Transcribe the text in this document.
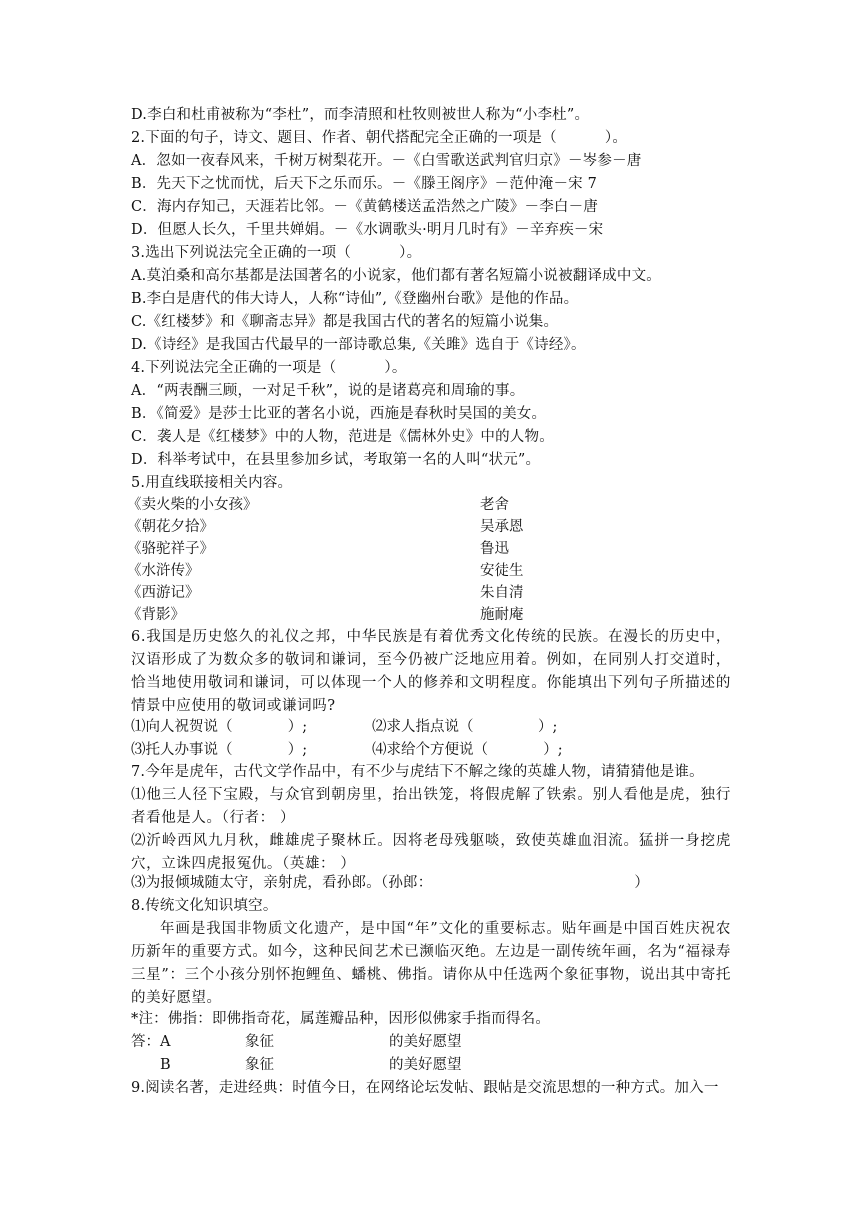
D.李白和杜甫被称为“李杜”，而李清照和杜牧则被世人称为“小李杜”。
2.下面的句子，诗文、题目、作者、朝代搭配完全正确的一项是（          ）。
A．忽如一夜春风来，千树万树梨花开。－《白雪歌送武判官归京》－岑参－唐
B．先天下之忧而忧，后天下之乐而乐。－《滕王阁序》－范仲淹－宋 7
C．海内存知己，天涯若比邻。－《黄鹤楼送孟浩然之广陵》－李白－唐
D．但愿人长久，千里共婵娟。－《水调歌头·明月几时有》－辛弃疾－宋
3.选出下列说法完全正确的一项（          ）。
A.莫泊桑和高尔基都是法国著名的小说家，他们都有著名短篇小说被翻译成中文。
B.李白是唐代的伟大诗人，人称“诗仙”,《登幽州台歌》是他的作品。
C.《红楼梦》和《聊斋志异》都是我国古代的著名的短篇小说集。
D.《诗经》是我国古代最早的一部诗歌总集,《关雎》选自于《诗经》。
4.下列说法完全正确的一项是（          ）。
A．“两表酬三顾，一对足千秋”，说的是诸葛亮和周瑜的事。
B．《简爱》是莎士比亚的著名小说，西施是春秋时吴国的美女。
C．袭人是《红楼梦》中的人物，范进是《儒林外史》中的人物。
D．科举考试中，在县里参加乡试，考取第一名的人叫“状元”。
5.用直线联接相关内容。
《卖火柴的小女孩》	老舍
《朝花夕拾》	吴承恩
《骆驼祥子》	鲁迅
《水浒传》	安徒生
《西游记》	朱自清
《背影》	施耐庵
6.我国是历史悠久的礼仪之邦，中华民族是有着优秀文化传统的民族。在漫长的历史中，汉语形成了为数众多的敬词和谦词，至今仍被广泛地应用着。例如，在同别人打交道时，恰当地使用敬词和谦词，可以体现一个人的修养和文明程度。你能填出下列句子所描述的情景中应使用的敬词或谦词吗?
⑴向人祝贺说（            ）;	⑵求人指点说（              ）;
⑶托人办事说（            ）;	⑷求给个方便说（            ）;
7.今年是虎年，古代文学作品中，有不少与虎结下不解之缘的英雄人物，请猜猜他是谁。
⑴他三人径下宝殿，与众官到朝房里，抬出铁笼，将假虎解了铁索。别人看他是虎，独行者看他是人。（行者： ）
⑵沂岭西风九月秋，雌雄虎子聚林丘。因将老母残躯啖，致使英雄血泪流。猛拼一身挖虎穴，立诛四虎报冤仇。（英雄： ）
⑶为报倾城随太守，亲射虎，看孙郎。（孙郎：                                          ）
8.传统文化知识填空。
年画是我国非物质文化遗产，是中国“年”文化的重要标志。贴年画是中国百姓庆祝农历新年的重要方式。如今，这种民间艺术已濒临灭绝。左边是一副传统年画，名为“福禄寿三星”：三个小孩分别怀抱鲤鱼、蟠桃、佛指。请你从中任选两个象征事物，说出其中寄托的美好愿望。
*注：佛指：即佛指奇花，属莲瓣品种，因形似佛家手指而得名。
答：A	象征	的美好愿望
B	象征	的美好愿望
9.阅读名著，走进经典：时值今日，在网络论坛发帖、跟帖是交流思想的一种方式。加入一
